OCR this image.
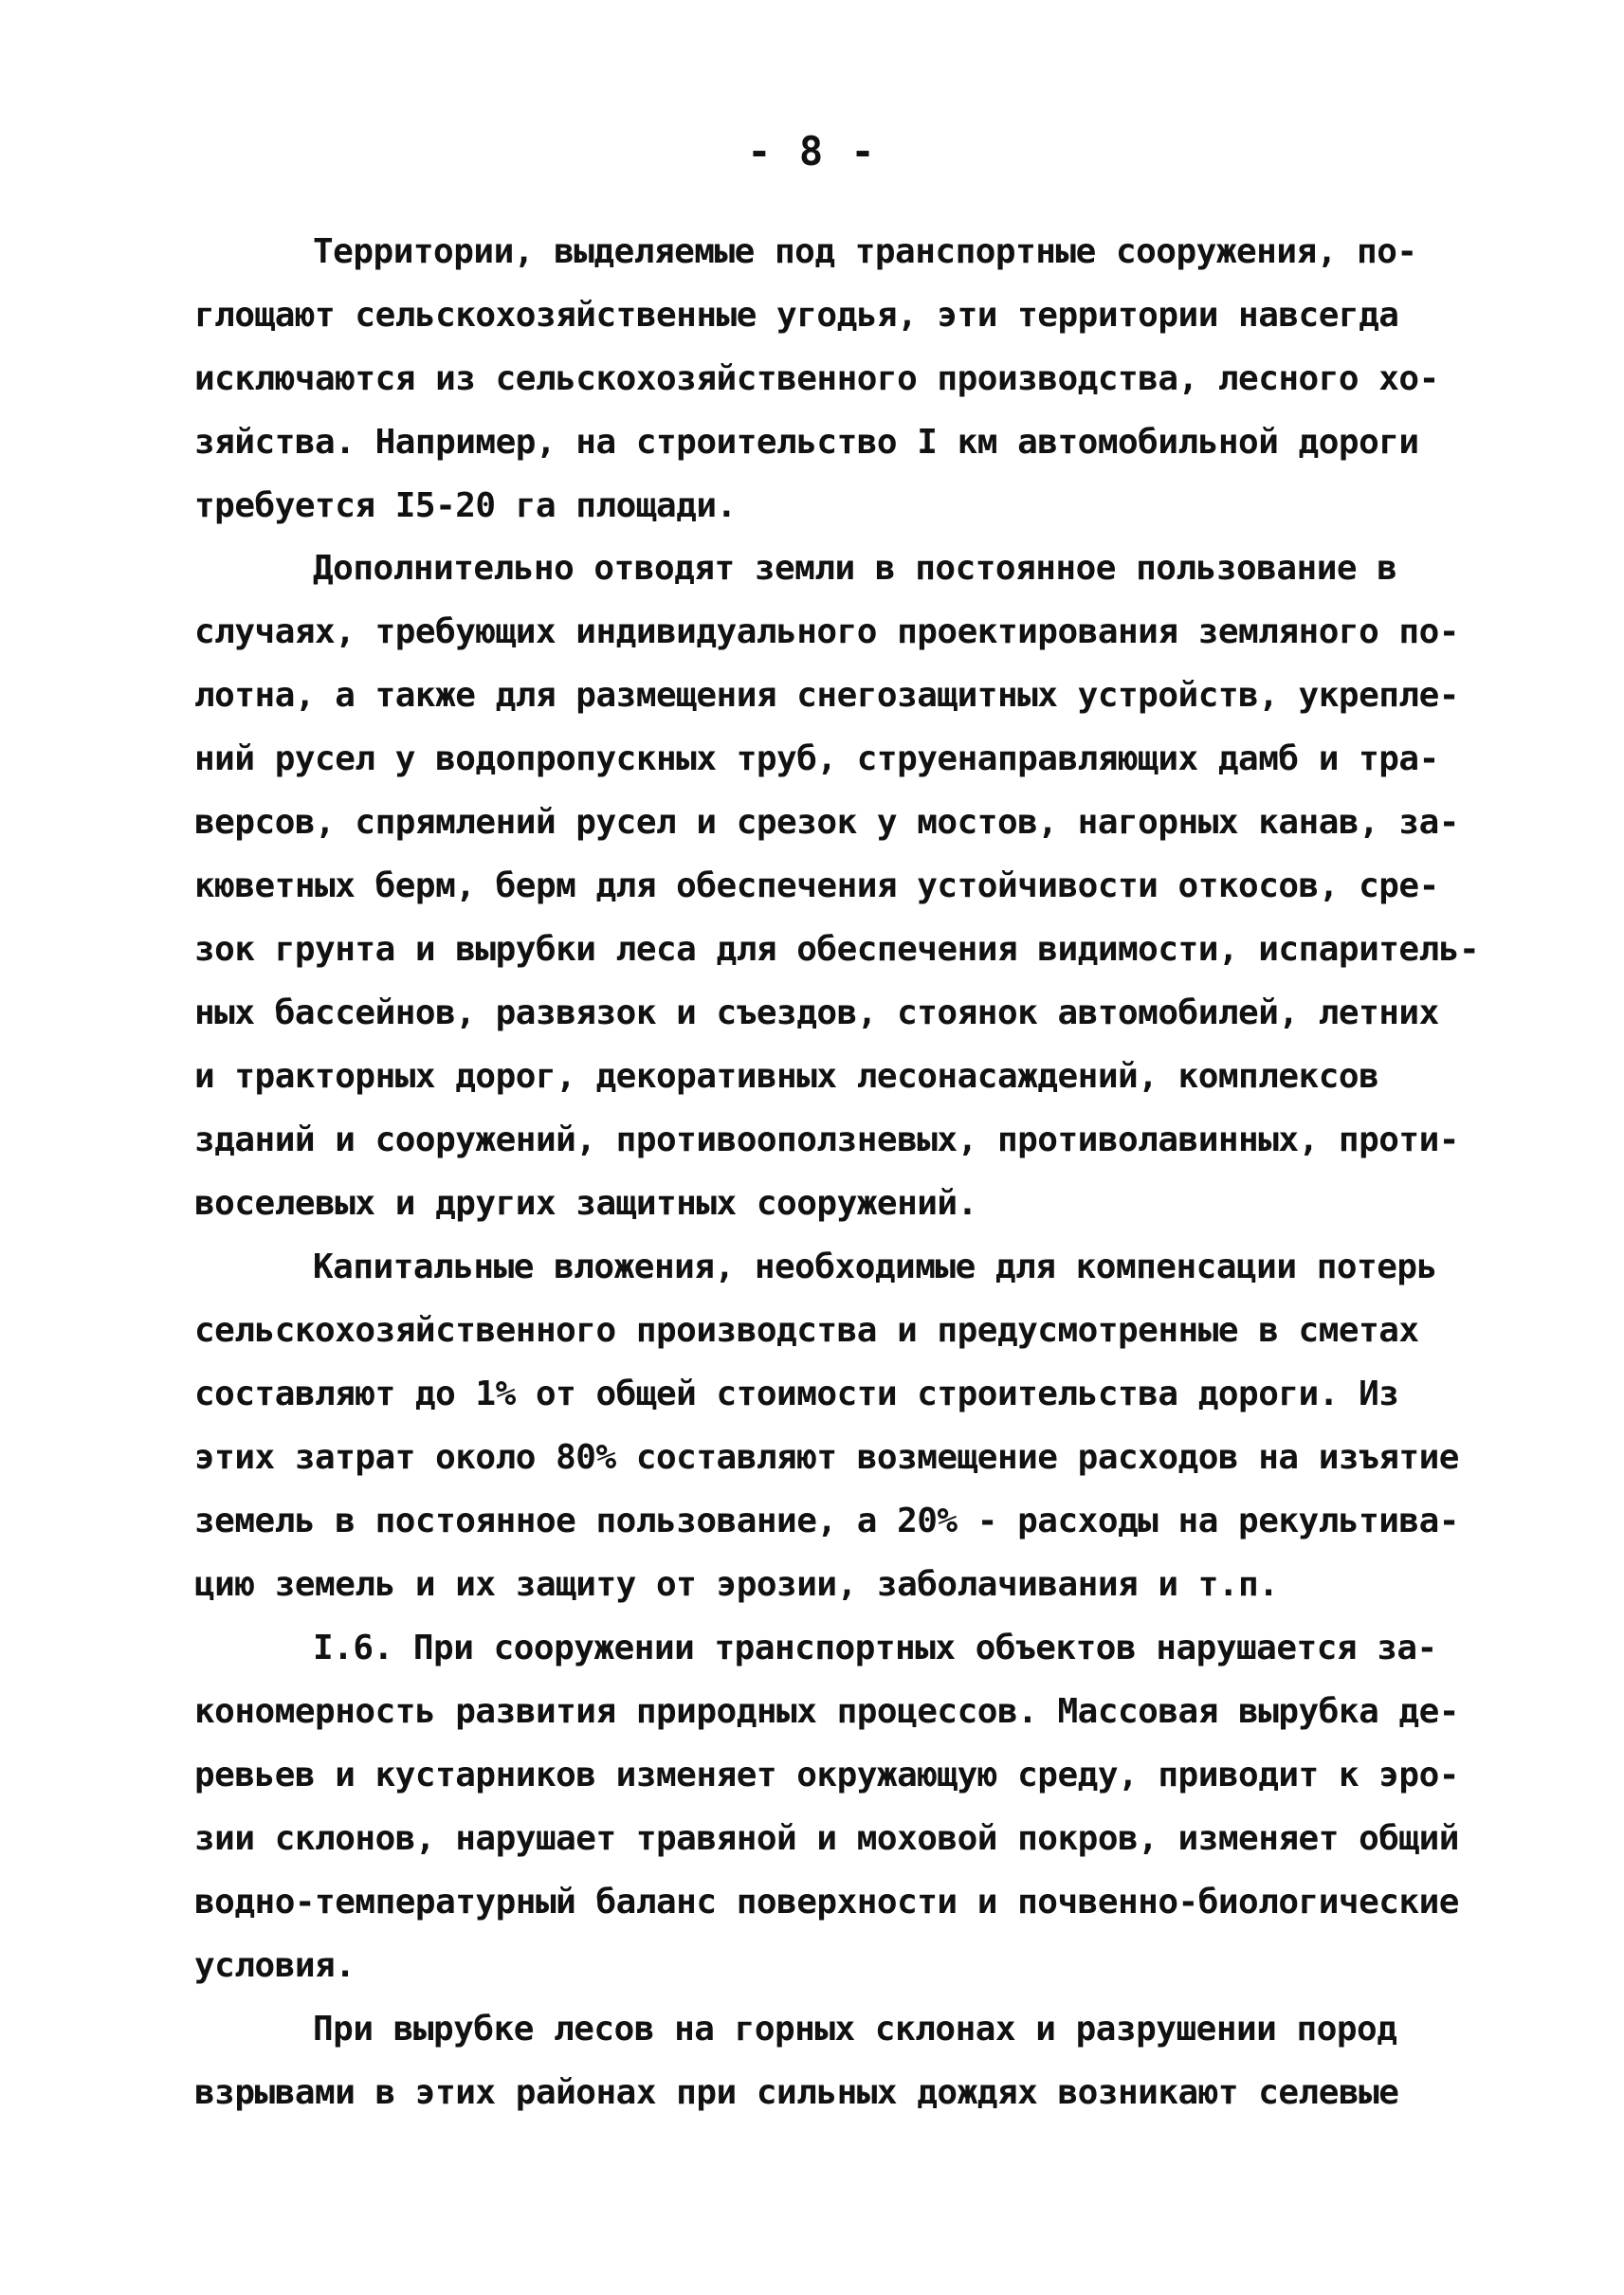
- 8 -
Территории, выделяемые под транспортные сооружения, по-
глощают сельскохозяйственные угодья, эти территории навсегда
исключаются из сельскохозяйственного производства, лесного хо-
зяйства. Например, на строительство I км автомобильной дороги
требуется I5-20 га площади.
Дополнительно отводят земли в постоянное пользование в
случаях, требующих индивидуального проектирования земляного по-
лотна, а также для размещения снегозащитных устройств, укрепле-
ний русел у водопропускных труб, струенаправляющих дамб и тра-
версов, спрямлений русел и срезок у мостов, нагорных канав, за-
кюветных берм, берм для обеспечения устойчивости откосов, сре-
зок грунта и вырубки леса для обеспечения видимости, испаритель-
ных бассейнов, развязок и съездов, стоянок автомобилей, летних
и тракторных дорог, декоративных лесонасаждений, комплексов
зданий и сооружений, противооползневых, противолавинных, проти-
воселевых и других защитных сооружений.
Капитальные вложения, необходимые для компенсации потерь
сельскохозяйственного производства и предусмотренные в сметах
составляют до 1% от общей стоимости строительства дороги. Из
этих затрат около 80% составляют возмещение расходов на изъятие
земель в постоянное пользование, а 20% - расходы на рекультива-
цию земель и их защиту от эрозии, заболачивания и т.п.
I.6. При сооружении транспортных объектов нарушается за-
кономерность развития природных процессов. Массовая вырубка де-
ревьев и кустарников изменяет окружающую среду, приводит к эро-
зии склонов, нарушает травяной и моховой покров, изменяет общий
водно-температурный баланс поверхности и почвенно-биологические
условия.
При вырубке лесов на горных склонах и разрушении пород
взрывами в этих районах при сильных дождях возникают селевые
